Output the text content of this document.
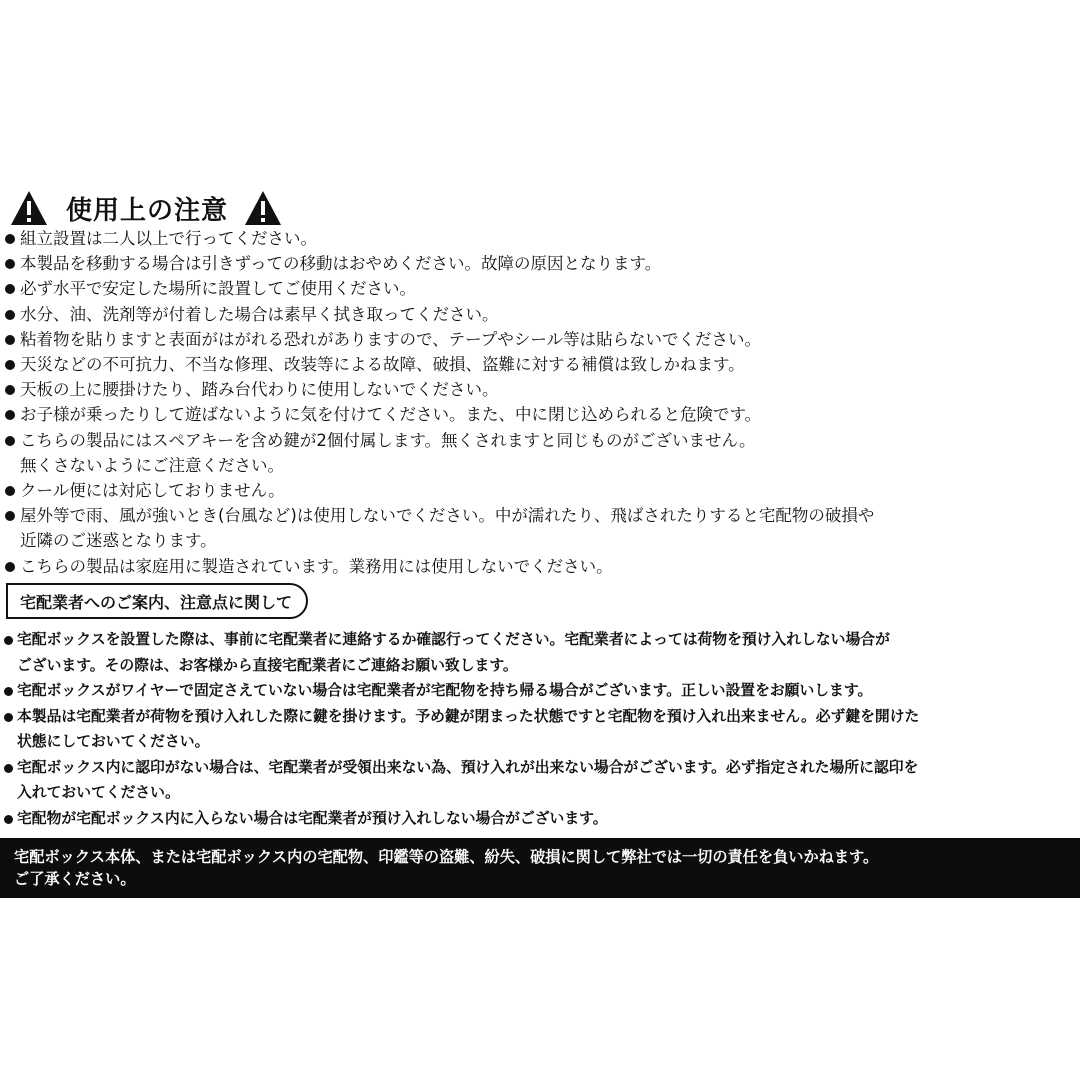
使用上の注意
組立設置は二人以上で行ってください。
本製品を移動する場合は引きずっての移動はおやめください。故障の原因となります。
必ず水平で安定した場所に設置してご使用ください。
水分、油、洗剤等が付着した場合は素早く拭き取ってください。
粘着物を貼りますと表面がはがれる恐れがありますので、テープやシール等は貼らないでください。
天災などの不可抗力、不当な修理、改装等による故障、破損、盗難に対する補償は致しかねます。
天板の上に腰掛けたり、踏み台代わりに使用しないでください。
お子様が乗ったりして遊ばないように気を付けてください。また、中に閉じ込められると危険です。
こちらの製品にはスペアキーを含め鍵が2個付属します。無くされますと同じものがございません。
無くさないようにご注意ください。
クール便には対応しておりません。
屋外等で雨、風が強いとき(台風など)は使用しないでください。中が濡れたり、飛ばされたりすると宅配物の破損や
近隣のご迷惑となります。
こちらの製品は家庭用に製造されています。業務用には使用しないでください。
宅配業者へのご案内、注意点に関して
宅配ボックスを設置した際は、事前に宅配業者に連絡するか確認行ってください。宅配業者によっては荷物を預け入れしない場合が
ございます。その際は、お客様から直接宅配業者にご連絡お願い致します。
宅配ボックスがワイヤーで固定さえていない場合は宅配業者が宅配物を持ち帰る場合がございます。正しい設置をお願いします。
本製品は宅配業者が荷物を預け入れした際に鍵を掛けます。予め鍵が閉まった状態ですと宅配物を預け入れ出来ません。必ず鍵を開けた
状態にしておいてください。
宅配ボックス内に認印がない場合は、宅配業者が受領出来ない為、預け入れが出来ない場合がございます。必ず指定された場所に認印を
入れておいてください。
宅配物が宅配ボックス内に入らない場合は宅配業者が預け入れしない場合がございます。
宅配ボックス本体、または宅配ボックス内の宅配物、印鑑等の盗難、紛失、破損に関して弊社では一切の責任を負いかねます。
ご了承ください。
